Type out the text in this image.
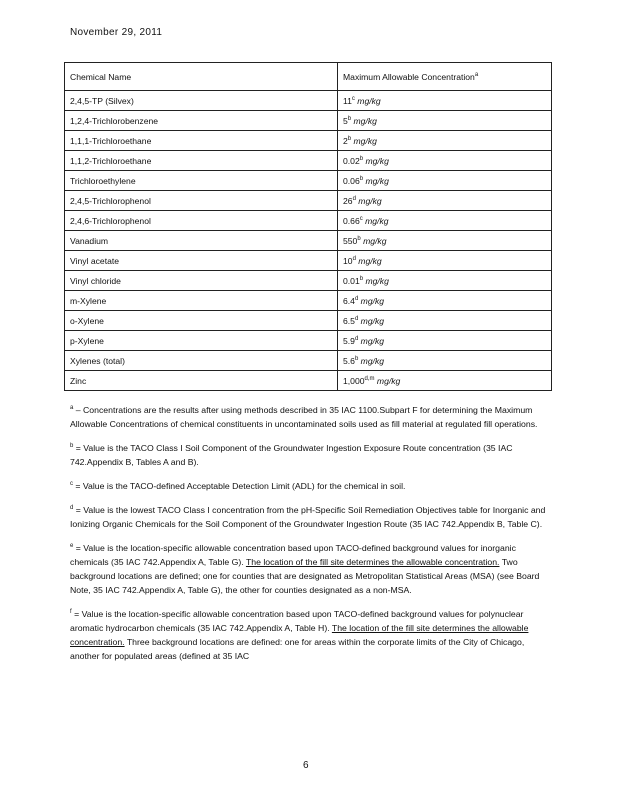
November 29, 2011
Chemical Name	Maximum Allowable Concentration$^a$
2,4,5-TP (Silvex)	11$^c$ mg/kg
1,2,4-Trichlorobenzene	5$^b$ mg/kg
1,1,1-Trichloroethane	2$^b$ mg/kg
1,1,2-Trichloroethane	0.02$^b$ mg/kg
Trichloroethylene	0.06$^b$ mg/kg
2,4,5-Trichlorophenol	26$^d$ mg/kg
2,4,6-Trichlorophenol	0.66$^c$ mg/kg
Vanadium	550$^b$ mg/kg
Vinyl acetate	10$^d$ mg/kg
Vinyl chloride	0.01$^b$ mg/kg
m-Xylene	6.4$^d$ mg/kg
o-Xylene	6.5$^d$ mg/kg
p-Xylene	5.9$^d$ mg/kg
Xylenes (total)	5.6$^b$ mg/kg
Zinc	1,000$^{d,m}$ mg/kg

$^a$ – Concentrations are the results after using methods described in 35 IAC 1100.Subpart F for determining the Maximum Allowable Concentrations of chemical constituents in uncontaminated soils used as fill material at regulated fill operations.

$^b$ = Value is the TACO Class I Soil Component of the Groundwater Ingestion Exposure Route concentration (35 IAC 742.Appendix B, Tables A and B).

$^c$ = Value is the TACO-defined Acceptable Detection Limit (ADL) for the chemical in soil.

$^d$ = Value is the lowest TACO Class I concentration from the pH-Specific Soil Remediation Objectives table for Inorganic and Ionizing Organic Chemicals for the Soil Component of the Groundwater Ingestion Route (35 IAC 742.Appendix B, Table C).

$^e$ = Value is the location-specific allowable concentration based upon TACO-defined background values for inorganic chemicals (35 IAC 742.Appendix A, Table G). The location of the fill site determines the allowable concentration. Two background locations are defined; one for counties that are designated as Metropolitan Statistical Areas (MSA) (see Board Note, 35 IAC 742.Appendix A, Table G), the other for counties designated as a non-MSA.

$^f$ = Value is the location-specific allowable concentration based upon TACO-defined background values for polynuclear aromatic hydrocarbon chemicals (35 IAC 742.Appendix A, Table H). The location of the fill site determines the allowable concentration. Three background locations are defined: one for areas within the corporate limits of the City of Chicago, another for populated areas (defined at 35 IAC

6
